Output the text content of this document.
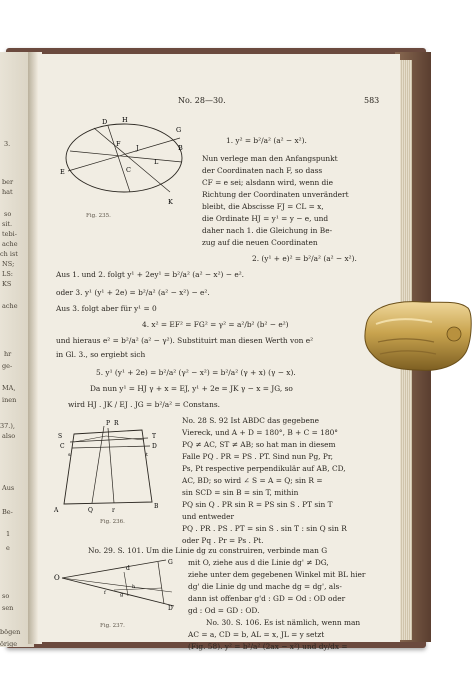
3.
ber
hat
so
sit.
tebi-
ache
ch ist
NS;
LS:
KS
ache
hr
ge-
MA,
inen
37.),
also
Aus
Be-
1
e
so
sen
bögen
örige
No. 28—30.	583
D H
G
E
F J
C
L
B
K
Fig. 235.
1. y² = b²/a² (a² − x²).
Nun verlege man den Anfangspunkt
der Coordinaten nach F, so dass
CF = e sei; alsdann wird, wenn die
Richtung der Coordinaten unverändert
bleibt, die Abscisse FJ = CL = x,
die Ordinate HJ = y¹ = y − e, und
daher nach 1. die Gleichung in Be-
zug auf die neuen Coordinaten
2. (y¹ + e)² = b²/a² (a² − x²).
Aus 1. und 2. folgt y¹ + 2ey¹ = b²/a² (a² − x²) − e².
oder 3. y¹ (y¹ + 2e) = b²/a² (a² − x²) − e².
Aus 3. folgt aber für y¹ = 0
4. x² = EF² = FG² = γ² = a²/b² (b² − e²)
und hieraus e² = b²/a² (a² − γ²). Substituirt man diesen Werth von e²
in Gl. 3., so ergiebt sich
5. y¹ (y¹ + 2e) = b²/a² (γ² − x²) = b²/a² (γ + x) (γ − x).
Da nun y¹ = HJ γ + x = EJ, y¹ + 2e = JK γ − x = JG, so
wird HJ . JK / EJ . JG = b²/a² = Constans.
P R
S	T
C	D
Q	r
A
B
s	t
Fig. 236.
No. 28 S. 92 Ist ABDC das gegebene
Viereck, und A + D = 180°, B + C = 180°
PQ ≠ AC, ST ≠ AB; so hat man in diesem
Falle PQ . PR = PS . PT. Sind nun Pg, Pr,
Ps, Pt respective perpendikulär auf AB, CD,
AC, BD; so wird ∠ S = A = Q; sin R =
sin SCD = sin B = sin T, mithin
PQ sin Q . PR sin R = PS sin S . PT sin T
und entweder
PQ . PR . PS . PT = sin S . sin T : sin Q sin R
oder Pq . Pr = Ps . Pt.
No. 29. S. 101. Um die Linie dg zu construiren, verbinde man G
O
G
d
D
g
h
f
Fig. 237.
mit O, ziehe aus d die Linie dg' ≠ DG,
ziehe unter dem gegebenen Winkel mit BL hier
dg' die Linie dg und mache dg = dg', als-
dann ist offenbar g'd : GD = Od : OD oder
gd : Od = GD : OD.
No. 30. S. 106. Es ist nämlich, wenn man
AC = a, CD = b, AL = x, JL = y setzt
(Fig. 58). y² = b²/a² (2ax − x²) und dy/dx =
